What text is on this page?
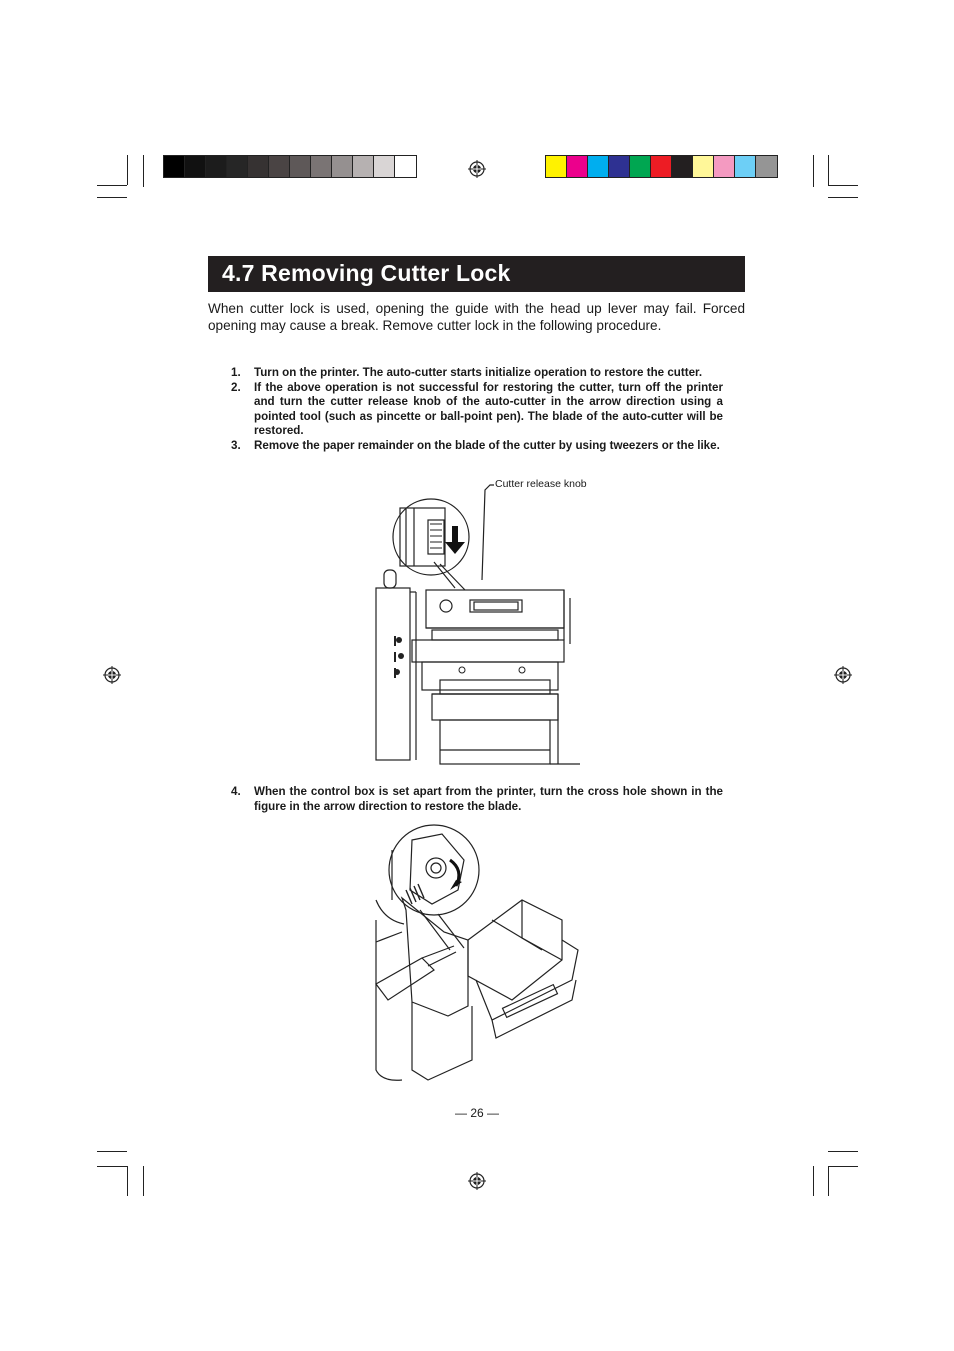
4.7 Removing Cutter Lock
When cutter lock is used, opening the guide with the head up lever may fail. Forced opening may cause a break. Remove cutter lock in the following procedure.
1.	Turn on the printer. The auto-cutter starts initialize operation to restore the cutter.
2.	If the above operation is not successful for restoring the cutter, turn off the printer and turn the cutter release knob of the auto-cutter in the arrow direction using a pointed tool (such as pincette or ball-point pen). The blade of the auto-cutter will be restored.
3.	Remove the paper remainder on the blade of the cutter by using tweezers or the like.
Cutter release knob
4.	When the control box is set apart from the printer, turn the cross hole shown in the figure in the arrow direction to restore the blade.
— 26 —
